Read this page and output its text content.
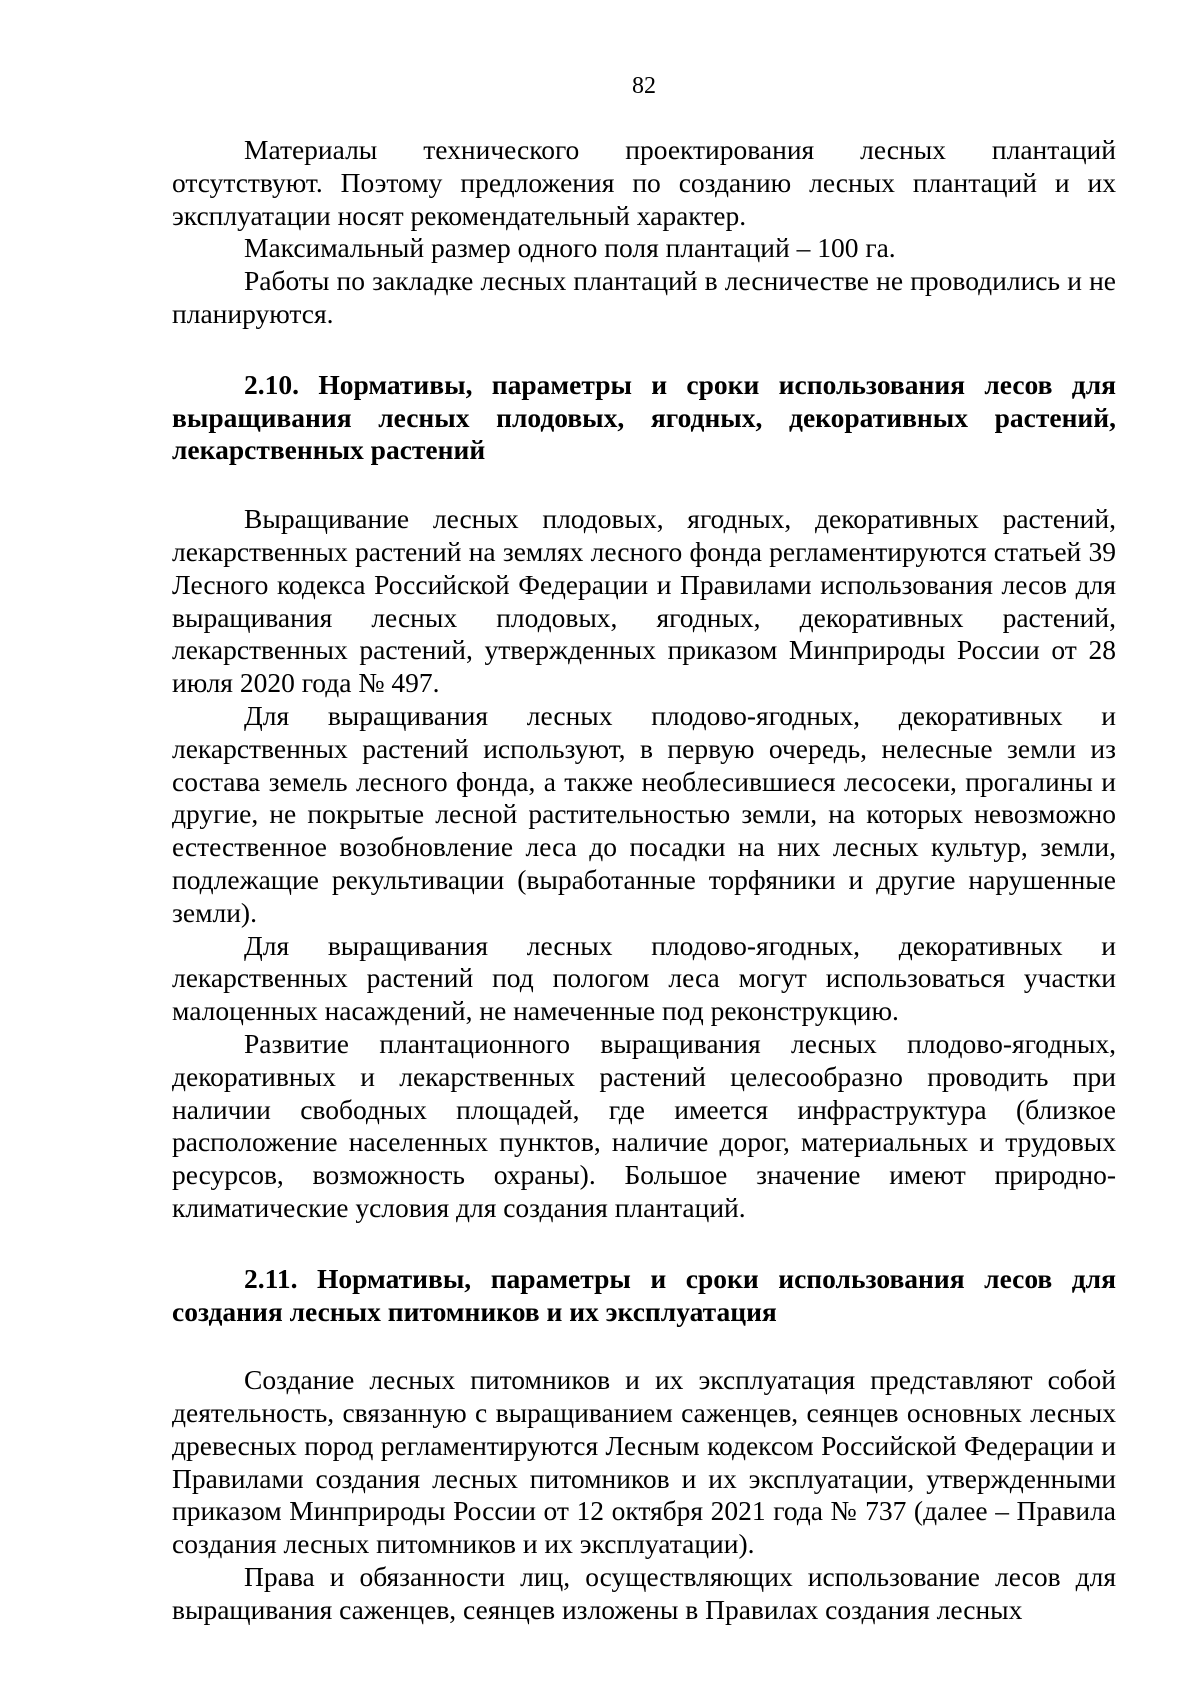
82

Материалы технического проектирования лесных плантаций отсутствуют. Поэтому предложения по созданию лесных плантаций и их эксплуатации носят рекомендательный характер.

Максимальный размер одного поля плантаций – 100 га.

Работы по закладке лесных плантаций в лесничестве не проводились и не планируются.

2.10. Нормативы, параметры и сроки использования лесов для выращивания лесных плодовых, ягодных, декоративных растений, лекарственных растений

Выращивание лесных плодовых, ягодных, декоративных растений, лекарственных растений на землях лесного фонда регламентируются статьей 39 Лесного кодекса Российской Федерации и Правилами использования лесов для выращивания лесных плодовых, ягодных, декоративных растений, лекарственных растений, утвержденных приказом Минприроды России от 28 июля 2020 года № 497.

Для выращивания лесных плодово-ягодных, декоративных и лекарственных растений используют, в первую очередь, нелесные земли из состава земель лесного фонда, а также необлесившиеся лесосеки, прогалины и другие, не покрытые лесной растительностью земли, на которых невозможно естественное возобновление леса до посадки на них лесных культур, земли, подлежащие рекультивации (выработанные торфяники и другие нарушенные земли).

Для выращивания лесных плодово-ягодных, декоративных и лекарственных растений под пологом леса могут использоваться участки малоценных насаждений, не намеченные под реконструкцию.

Развитие плантационного выращивания лесных плодово-ягодных, декоративных и лекарственных растений целесообразно проводить при наличии свободных площадей, где имеется инфраструктура (близкое расположение населенных пунктов, наличие дорог, материальных и трудовых ресурсов, возможность охраны). Большое значение имеют природно-климатические условия для создания плантаций.

2.11. Нормативы, параметры и сроки использования лесов для создания лесных питомников и их эксплуатация

Создание лесных питомников и их эксплуатация представляют собой деятельность, связанную с выращиванием саженцев, сеянцев основных лесных древесных пород регламентируются Лесным кодексом Российской Федерации и Правилами создания лесных питомников и их эксплуатации, утвержденными приказом Минприроды России от 12 октября 2021 года № 737 (далее – Правила создания лесных питомников и их эксплуатации).

Права и обязанности лиц, осуществляющих использование лесов для выращивания саженцев, сеянцев изложены в Правилах создания лесных
